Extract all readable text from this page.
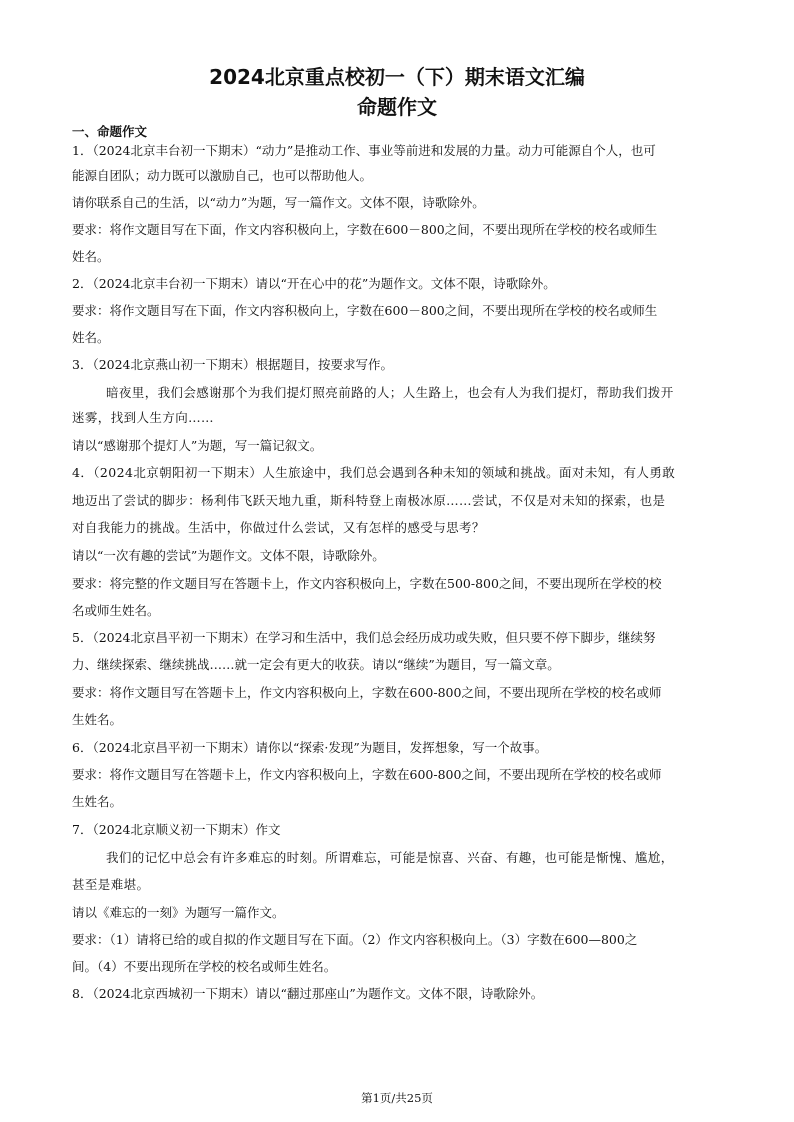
2024北京重点校初一（下）期末语文汇编
命题作文
一、命题作文
1．（2024北京丰台初一下期末）“动力”是推动工作、事业等前进和发展的力量。动力可能源自个人，也可
能源自团队；动力既可以激励自己，也可以帮助他人。
请你联系自己的生活，以“动力”为题，写一篇作文。文体不限，诗歌除外。
要求：将作文题目写在下面，作文内容积极向上，字数在600－800之间，不要出现所在学校的校名或师生
姓名。
2．（2024北京丰台初一下期末）请以“开在心中的花”为题作文。文体不限，诗歌除外。
要求：将作文题目写在下面，作文内容积极向上，字数在600－800之间，不要出现所在学校的校名或师生
姓名。
3．（2024北京燕山初一下期末）根据题目，按要求写作。
暗夜里，我们会感谢那个为我们提灯照亮前路的人；人生路上，也会有人为我们提灯，帮助我们拨开
迷雾，找到人生方向……
请以“感谢那个提灯人”为题，写一篇记叙文。
4．（2024北京朝阳初一下期末）人生旅途中，我们总会遇到各种未知的领域和挑战。面对未知，有人勇敢
地迈出了尝试的脚步：杨利伟飞跃天地九重，斯科特登上南极冰原……尝试，不仅是对未知的探索，也是
对自我能力的挑战。生活中，你做过什么尝试，又有怎样的感受与思考？
请以“一次有趣的尝试”为题作文。文体不限，诗歌除外。
要求：将完整的作文题目写在答题卡上，作文内容积极向上，字数在500-800之间，不要出现所在学校的校
名或师生姓名。
5．（2024北京昌平初一下期末）在学习和生活中，我们总会经历成功或失败，但只要不停下脚步，继续努
力、继续探索、继续挑战……就一定会有更大的收获。请以“继续”为题目，写一篇文章。
要求：将作文题目写在答题卡上，作文内容积极向上，字数在600-800之间，不要出现所在学校的校名或师
生姓名。
6．（2024北京昌平初一下期末）请你以“探索·发现”为题目，发挥想象，写一个故事。
要求：将作文题目写在答题卡上，作文内容积极向上，字数在600-800之间，不要出现所在学校的校名或师
生姓名。
7．（2024北京顺义初一下期末）作文
我们的记忆中总会有许多难忘的时刻。所谓难忘，可能是惊喜、兴奋、有趣，也可能是惭愧、尴尬，
甚至是难堪。
请以《难忘的一刻》为题写一篇作文。
要求：（1）请将已给的或自拟的作文题目写在下面。（2）作文内容积极向上。（3）字数在600—800之
间。（4）不要出现所在学校的校名或师生姓名。
8．（2024北京西城初一下期末）请以“翻过那座山”为题作文。文体不限，诗歌除外。
第1页/共25页
